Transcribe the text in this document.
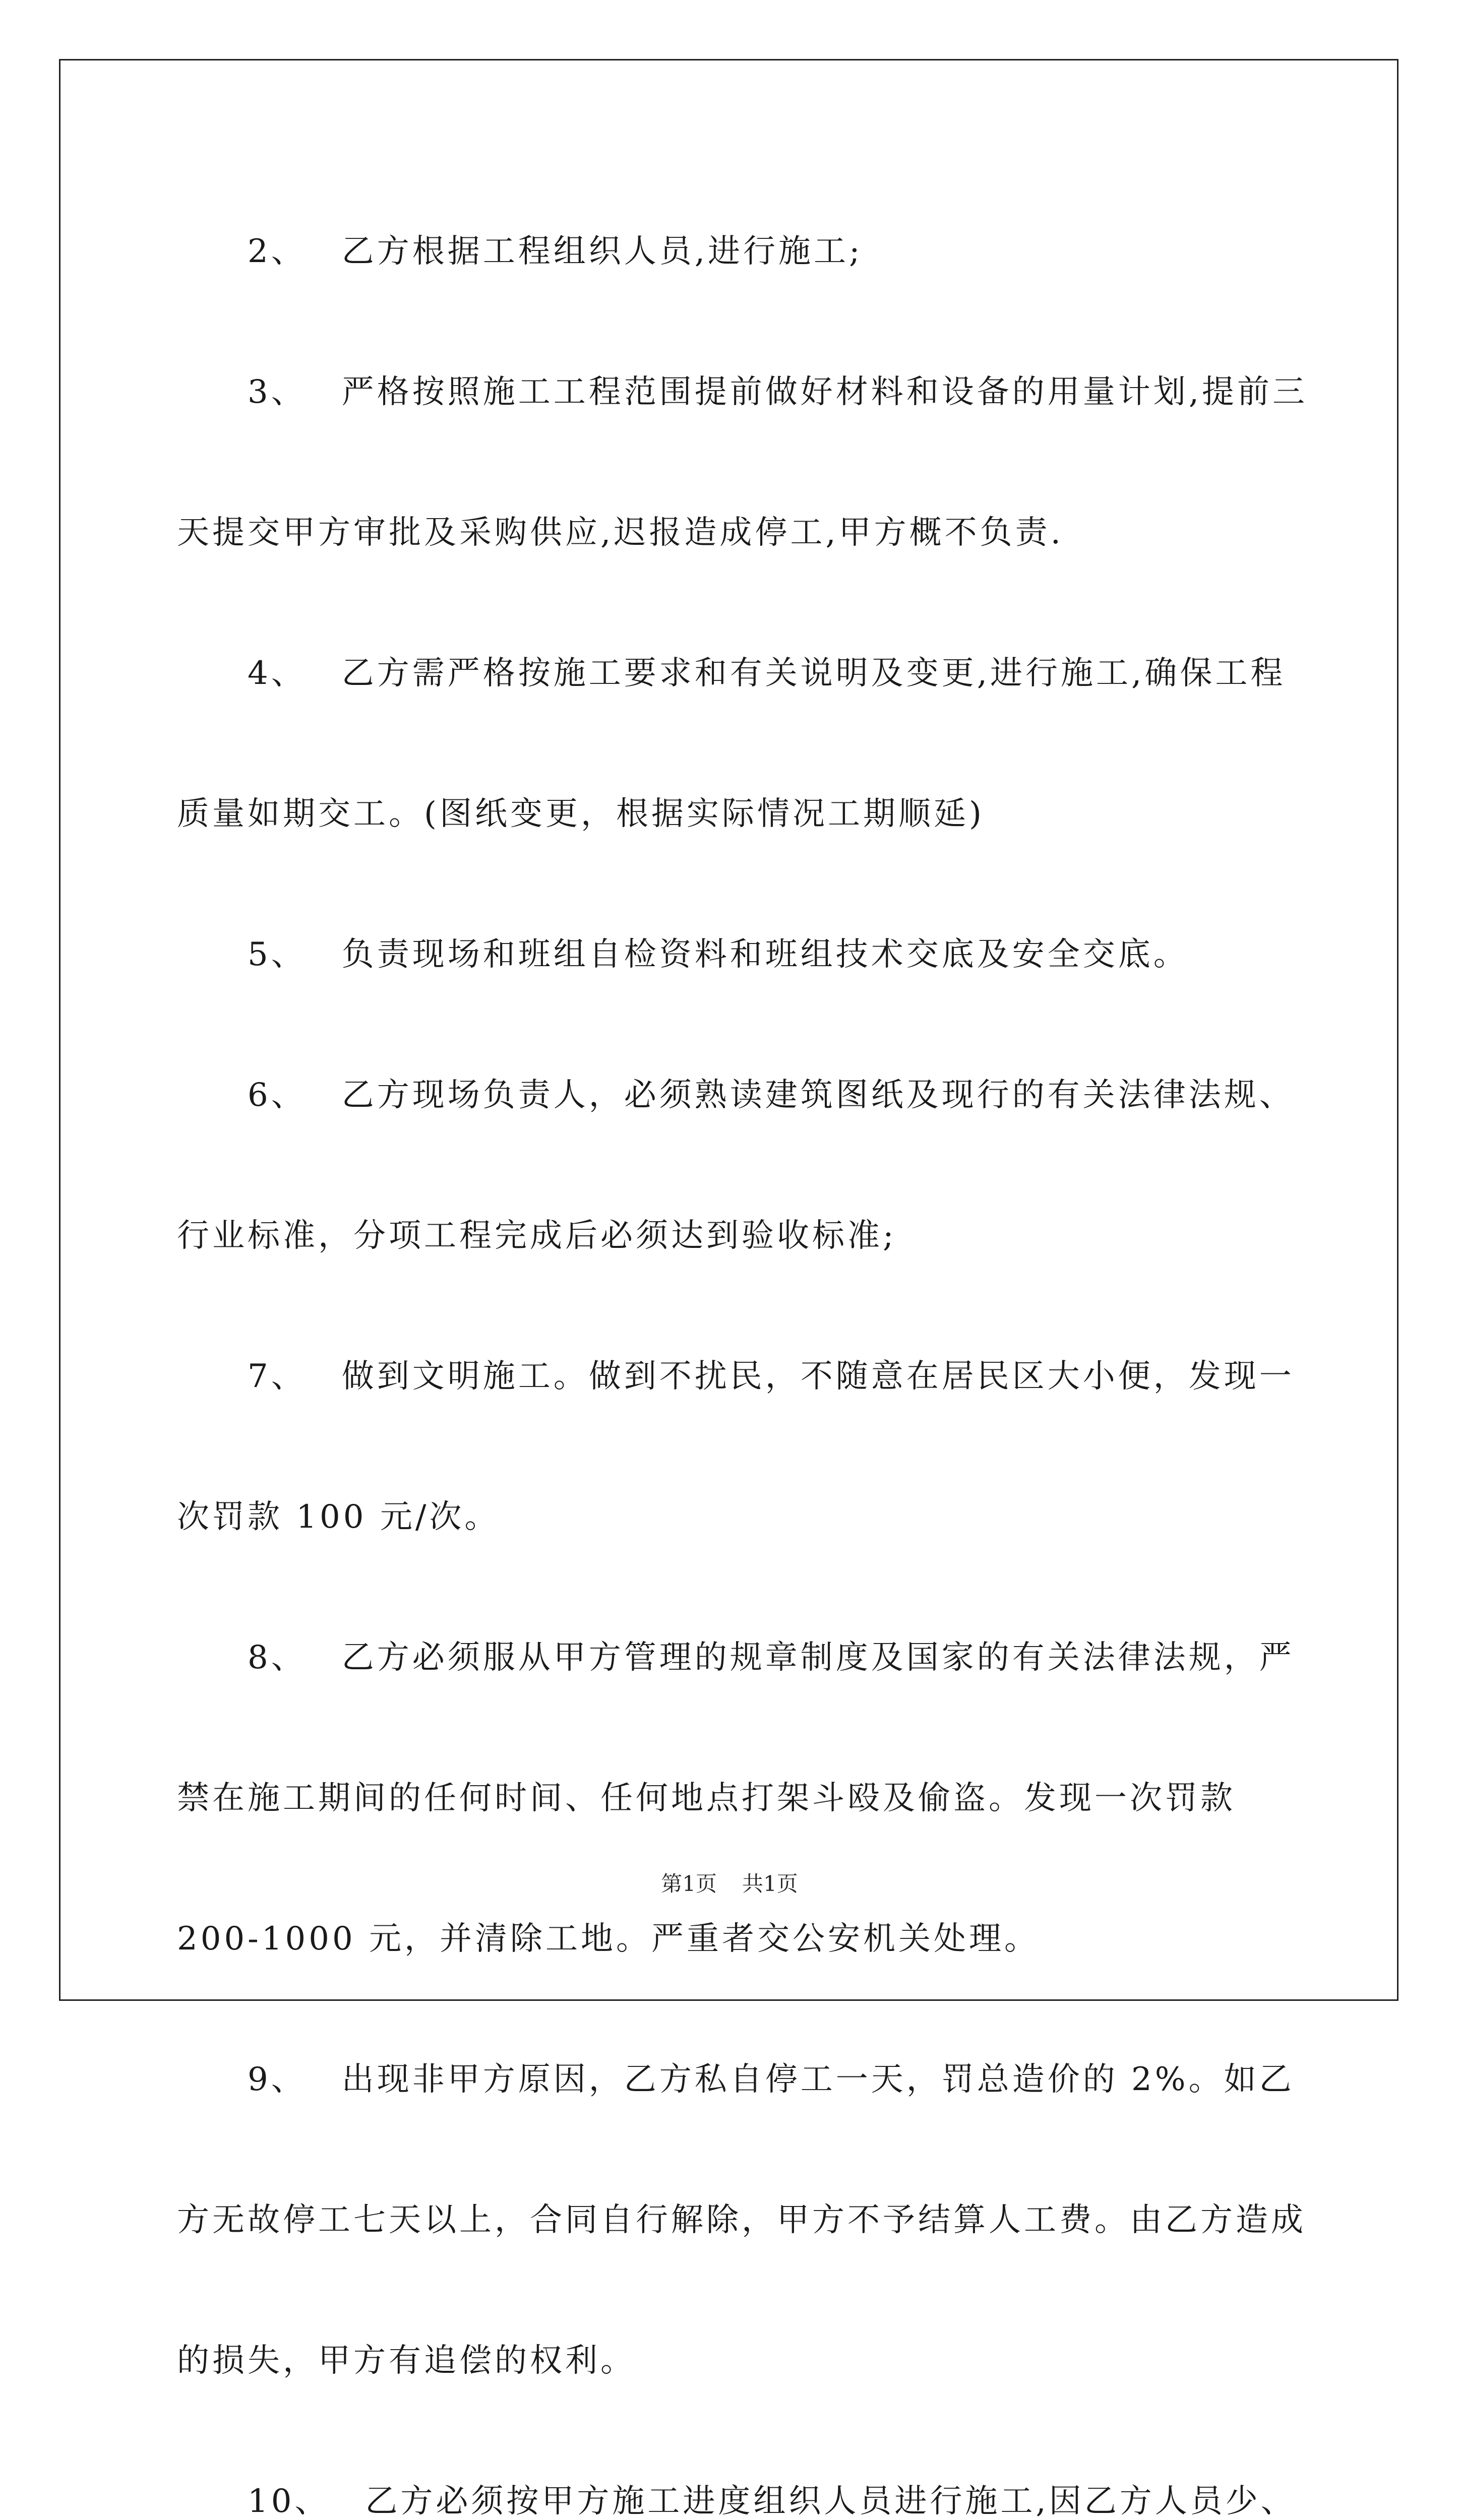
2、 乙方根据工程组织人员,进行施工;

3、 严格按照施工工程范围提前做好材料和设备的用量计划,提前三天提交甲方审批及采购供应,迟报造成停工,甲方概不负责.

4、 乙方需严格按施工要求和有关说明及变更,进行施工,确保工程质量如期交工。(图纸变更，根据实际情况工期顺延)

5、 负责现场和班组自检资料和班组技术交底及安全交底。

6、 乙方现场负责人，必须熟读建筑图纸及现行的有关法律法规、行业标准，分项工程完成后必须达到验收标准;

7、 做到文明施工。做到不扰民，不随意在居民区大小便，发现一次罚款 100 元/次。

8、 乙方必须服从甲方管理的规章制度及国家的有关法律法规，严禁在施工期间的任何时间、任何地点打架斗殴及偷盗。发现一次罚款 200-1000 元，并清除工地。严重者交公安机关处理。

9、 出现非甲方原因，乙方私自停工一天，罚总造价的 2%。如乙方无故停工七天以上，合同自行解除，甲方不予结算人工费。由乙方造成的损失，甲方有追偿的权利。

10、 乙方必须按甲方施工进度组织人员进行施工,因乙方人员少、

第1页 共1页
